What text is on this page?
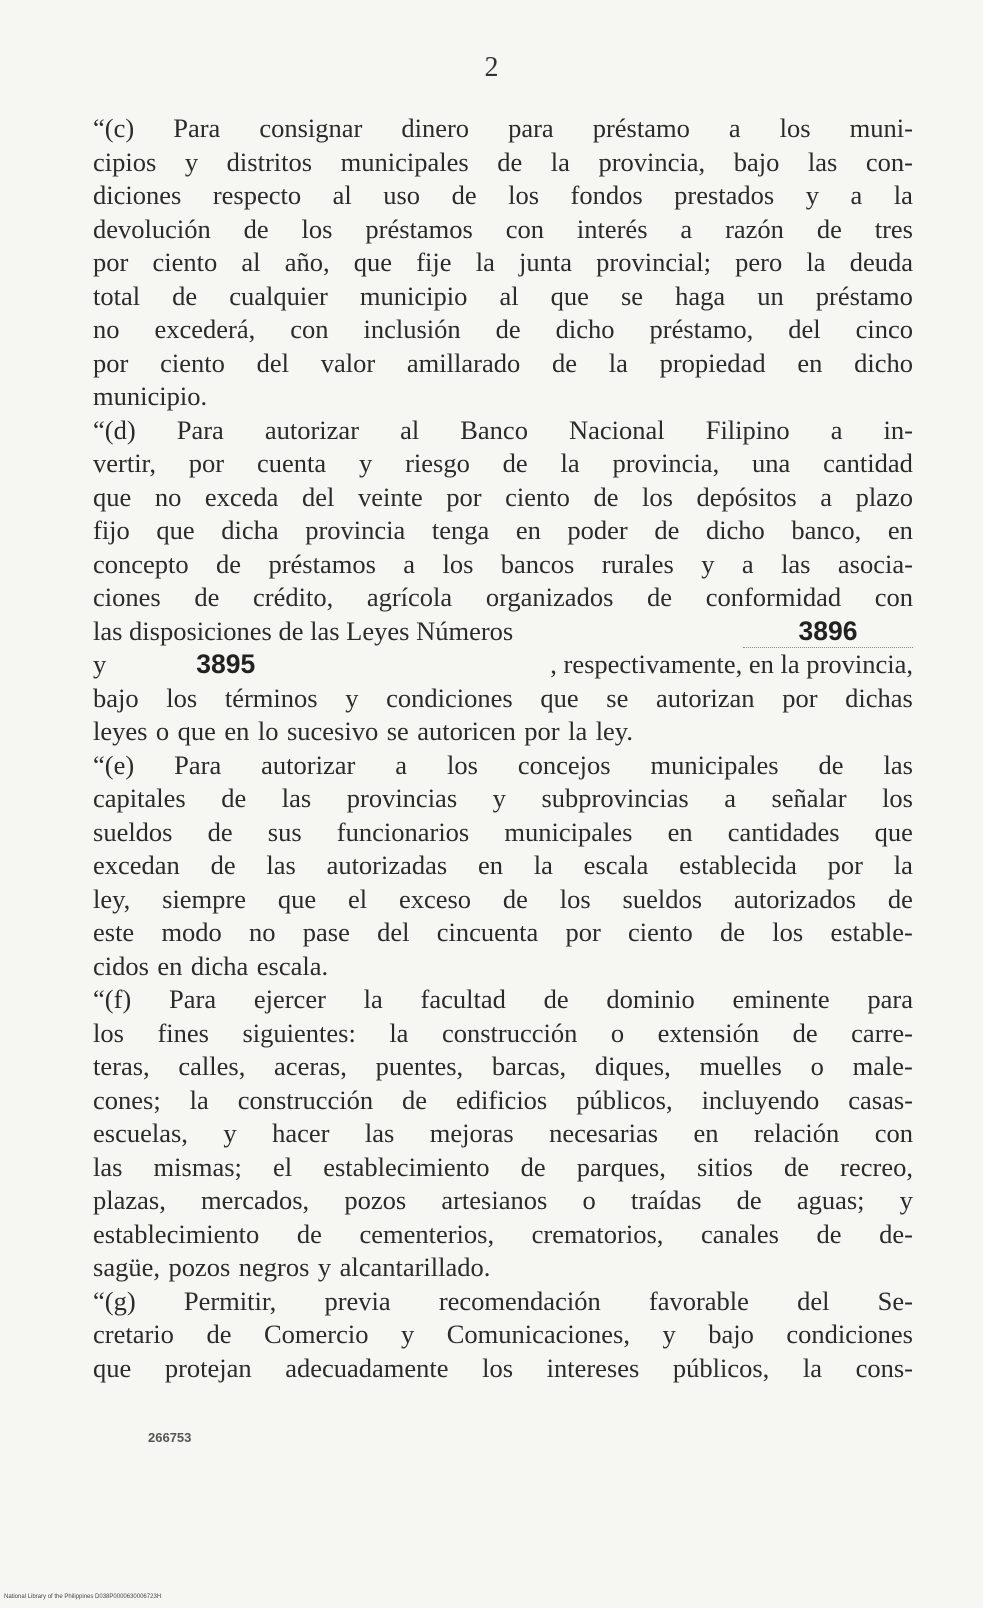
2
“(c) Para consignar dinero para préstamo a los muni-
cipios y distritos municipales de la provincia, bajo las con-
diciones respecto al uso de los fondos prestados y a la
devolución de los préstamos con interés a razón de tres
por ciento al año, que fije la junta provincial; pero la deuda
total de cualquier municipio al que se haga un préstamo
no excederá, con inclusión de dicho préstamo, del cinco
por ciento del valor amillarado de la propiedad en dicho
municipio.
“(d) Para autorizar al Banco Nacional Filipino a in-
vertir, por cuenta y riesgo de la provincia, una cantidad
que no exceda del veinte por ciento de los depósitos a plazo
fijo que dicha provincia tenga en poder de dicho banco, en
concepto de préstamos a los bancos rurales y a las asocia-
ciones de crédito, agrícola organizados de conformidad con
las disposiciones de las Leyes Números	3896
y	3895	, respectivamente, en la provincia,
bajo los términos y condiciones que se autorizan por dichas
leyes o que en lo sucesivo se autoricen por la ley.
“(e) Para autorizar a los concejos municipales de las
capitales de las provincias y subprovincias a señalar los
sueldos de sus funcionarios municipales en cantidades que
excedan de las autorizadas en la escala establecida por la
ley, siempre que el exceso de los sueldos autorizados de
este modo no pase del cincuenta por ciento de los estable-
cidos en dicha escala.
“(f) Para ejercer la facultad de dominio eminente para
los fines siguientes: la construcción o extensión de carre-
teras, calles, aceras, puentes, barcas, diques, muelles o male-
cones; la construcción de edificios públicos, incluyendo casas-
escuelas, y hacer las mejoras necesarias en relación con
las mismas; el establecimiento de parques, sitios de recreo,
plazas, mercados, pozos artesianos o traídas de aguas; y
establecimiento de cementerios, crematorios, canales de de-
sagüe, pozos negros y alcantarillado.
“(g) Permitir, previa recomendación favorable del Se-
cretario de Comercio y Comunicaciones, y bajo condiciones
que protejan adecuadamente los intereses públicos, la cons-
266753
National Library of the Philippines D038P0000630006723H
